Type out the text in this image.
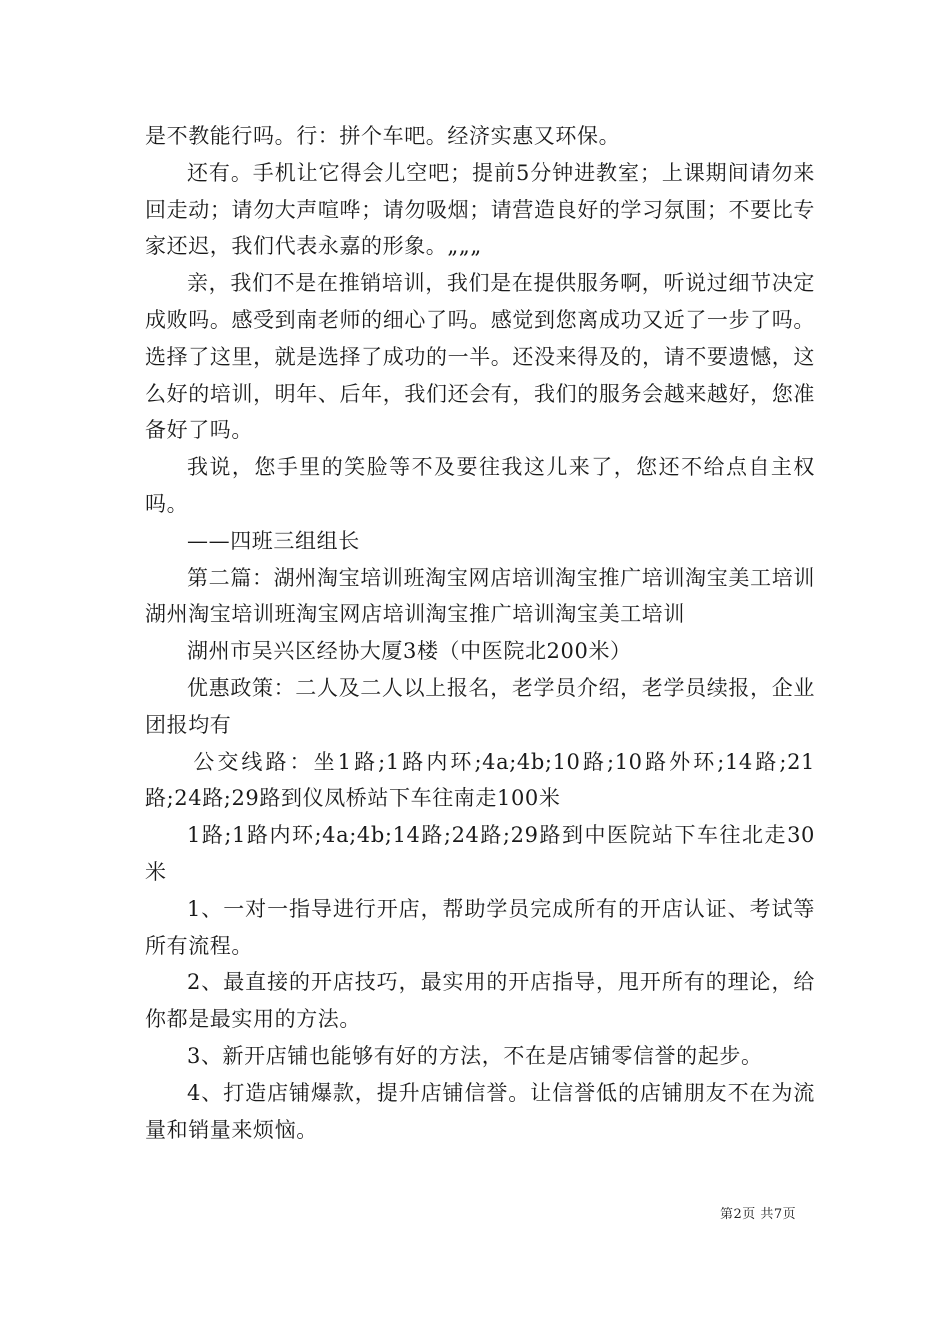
是不教能行吗。行：拼个车吧。经济实惠又环保。

还有。手机让它得会儿空吧；提前5分钟进教室；上课期间请勿来回走动；请勿大声喧哗；请勿吸烟；请营造良好的学习氛围；不要比专家还迟，我们代表永嘉的形象。„„„

亲，我们不是在推销培训，我们是在提供服务啊，听说过细节决定成败吗。感受到南老师的细心了吗。感觉到您离成功又近了一步了吗。选择了这里，就是选择了成功的一半。还没来得及的，请不要遗憾，这么好的培训，明年、后年，我们还会有，我们的服务会越来越好，您准备好了吗。

我说，您手里的笑脸等不及要往我这儿来了，您还不给点自主权吗。

——四班三组组长

第二篇：湖州淘宝培训班淘宝网店培训淘宝推广培训淘宝美工培训湖州淘宝培训班淘宝网店培训淘宝推广培训淘宝美工培训

湖州市吴兴区经协大厦3楼（中医院北200米）

优惠政策：二人及二人以上报名，老学员介绍，老学员续报，企业团报均有

公交线路：坐1路;1路内环;4a;4b;10路;10路外环;14路;21路;24路;29路到仪凤桥站下车往南走100米

1路;1路内环;4a;4b;14路;24路;29路到中医院站下车往北走30米

1、一对一指导进行开店，帮助学员完成所有的开店认证、考试等所有流程。

2、最直接的开店技巧，最实用的开店指导，甩开所有的理论，给你都是最实用的方法。

3、新开店铺也能够有好的方法，不在是店铺零信誉的起步。

4、打造店铺爆款，提升店铺信誉。让信誉低的店铺朋友不在为流量和销量来烦恼。

第2页 共7页
